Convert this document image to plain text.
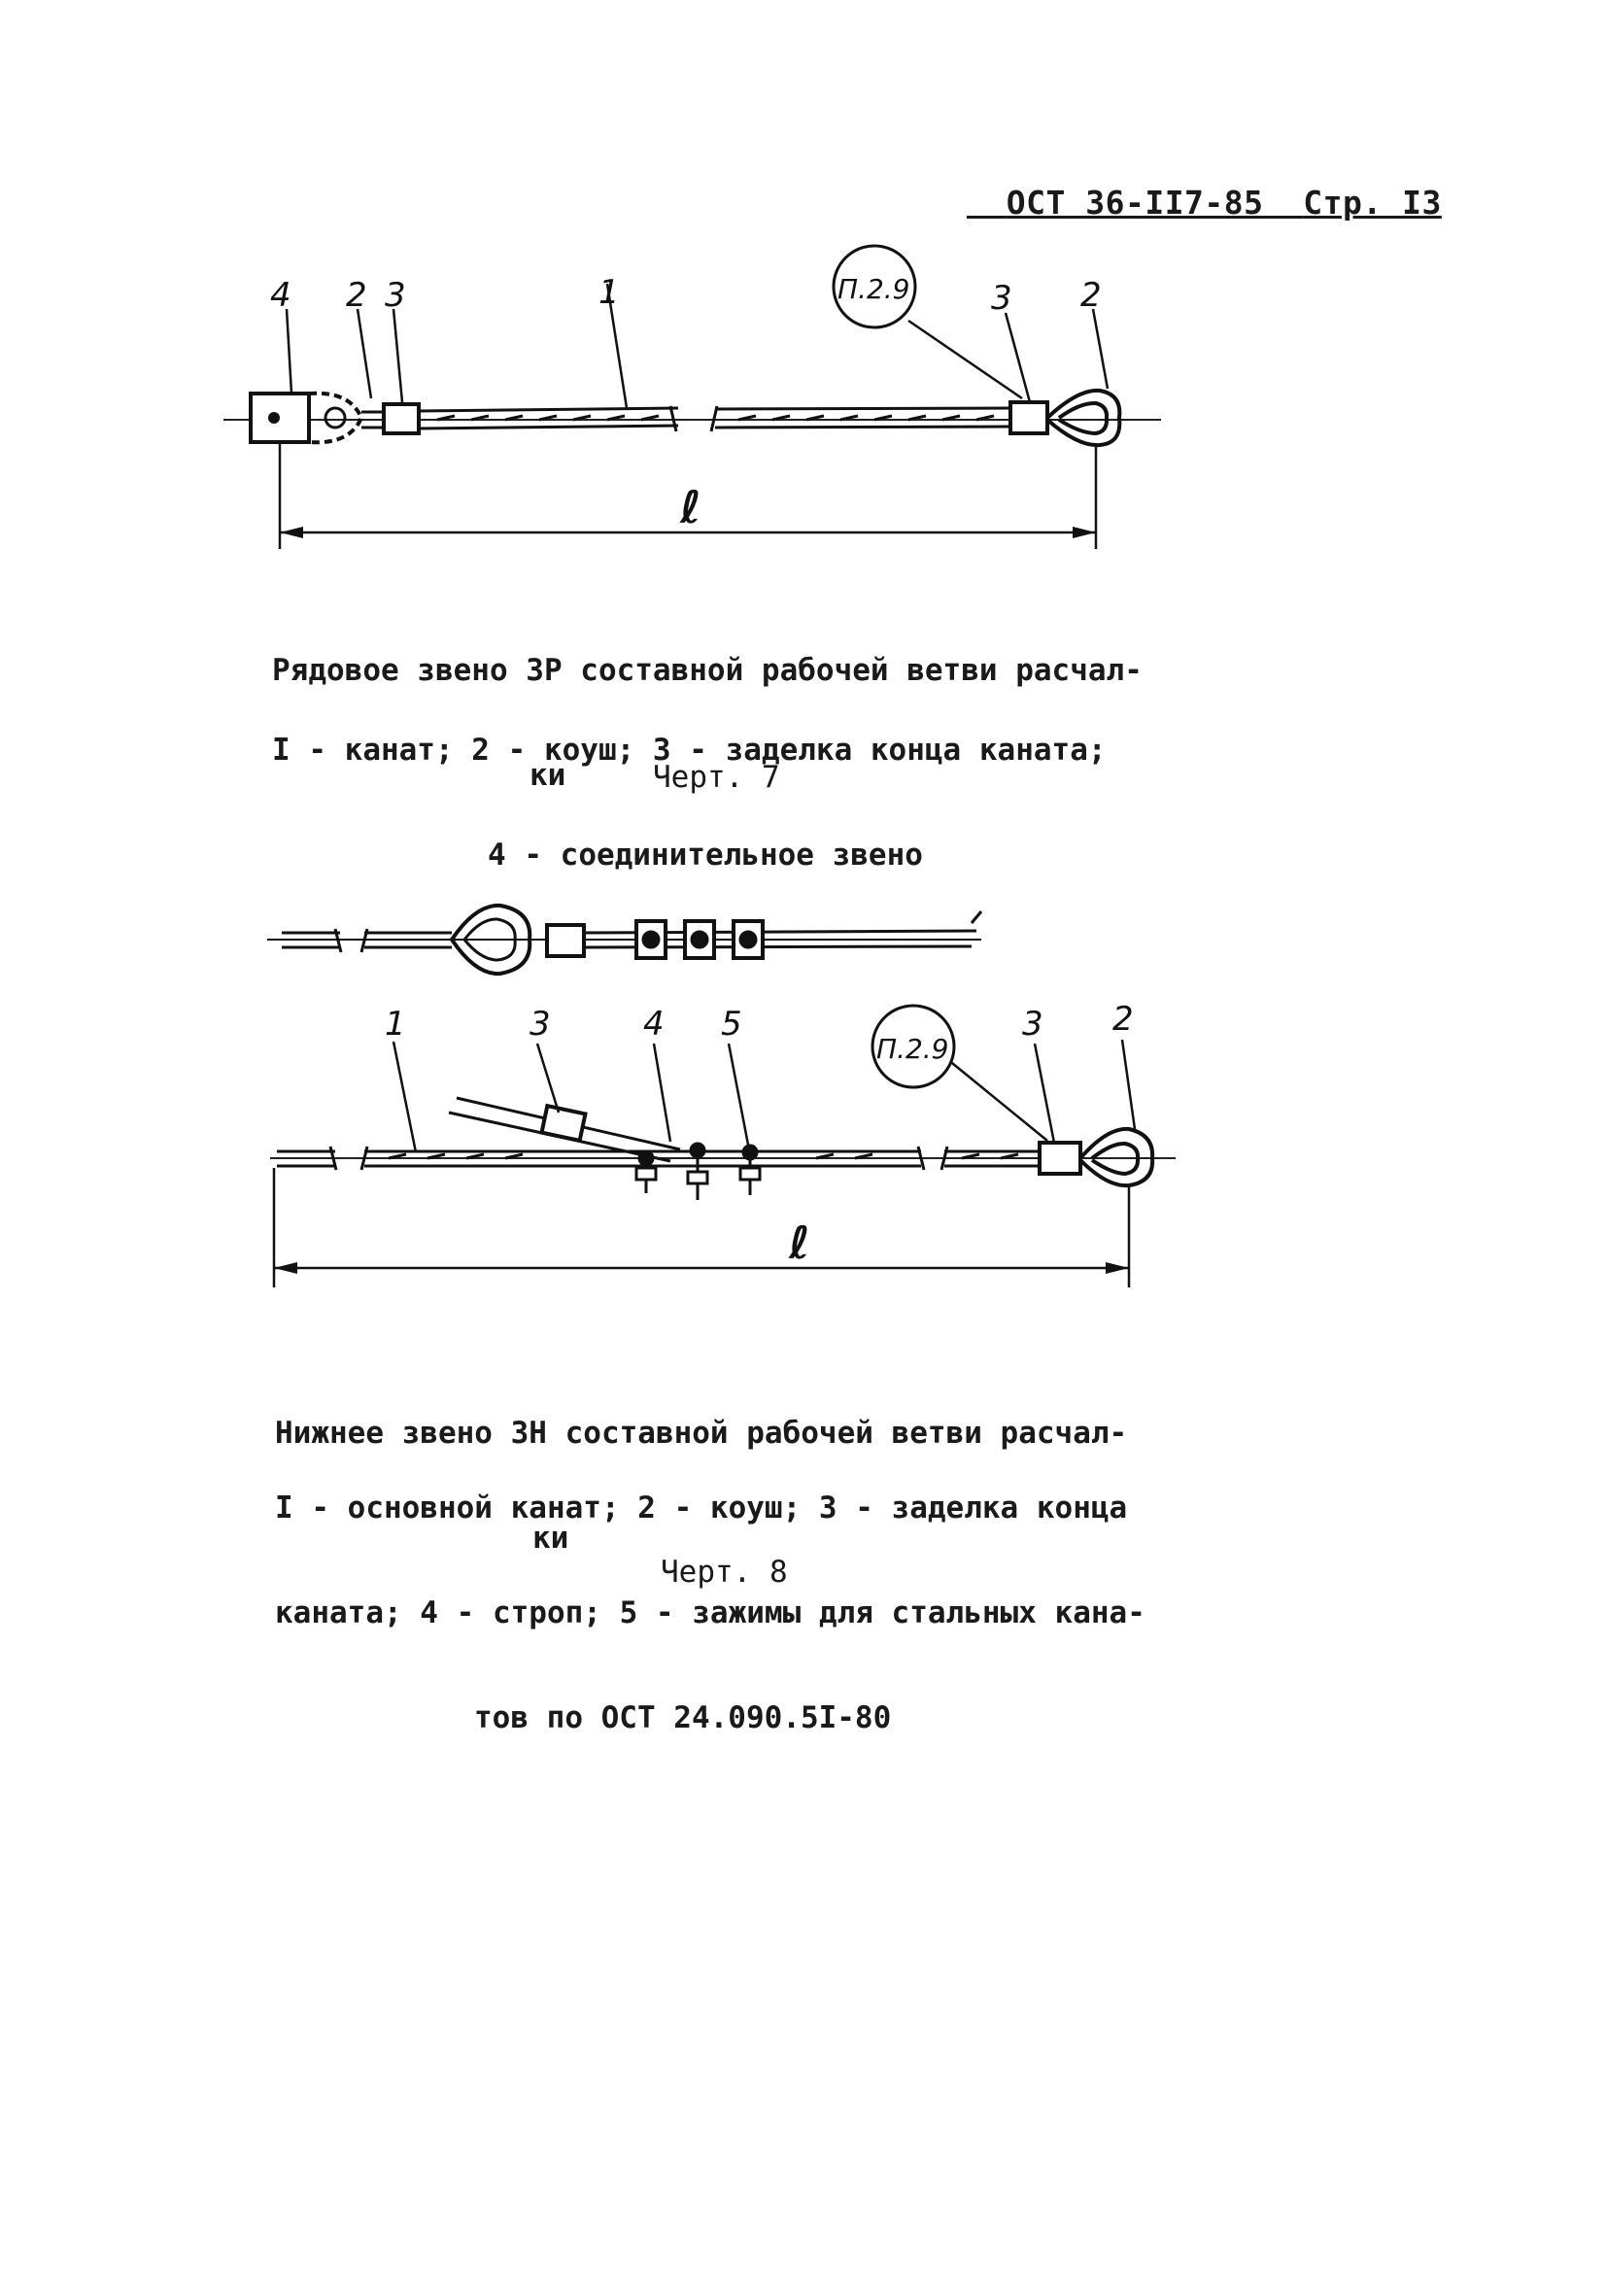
ОСТ 36-II7-85 Стр. I3

4 2 3	1	П.2.9 3 2
ℓ

Рядовое звено ЗР составной рабочей ветви расчал-

ки

I - канат; 2 - коуш; 3 - заделка конца каната;

4 - соединительное звено

Черт. 7
1	3	4 5
П.2.9
3 2
ℓ

Нижнее звено ЗН составной рабочей ветви расчал-

ки

I - основной канат; 2 - коуш; 3 - заделка конца

каната; 4 - строп; 5 - зажимы для стальных кана-

тов по ОСТ 24.090.5I-80

Черт. 8
